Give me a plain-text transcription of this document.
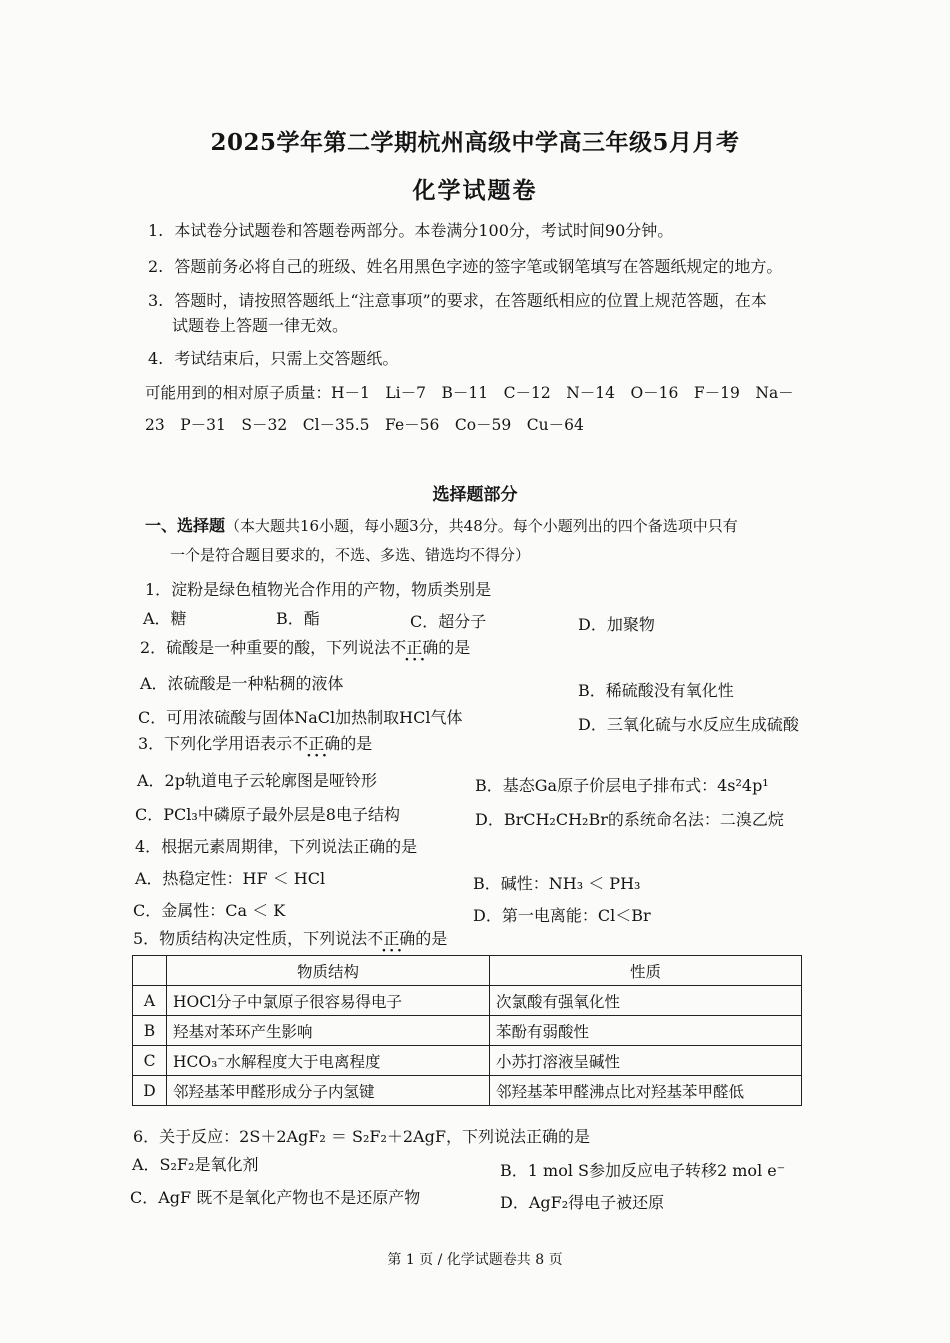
2025学年第二学期杭州高级中学高三年级5月月考
化学试题卷
1. 本试卷分试题卷和答题卷两部分。本卷满分100分，考试时间90分钟。
2. 答题前务必将自己的班级、姓名用黑色字迹的签字笔或钢笔填写在答题纸规定的地方。
3. 答题时，请按照答题纸上“注意事项”的要求，在答题纸相应的位置上规范答题，在本
试题卷上答题一律无效。
4. 考试结束后，只需上交答题纸。
可能用到的相对原子质量：H－1　Li－7　B－11　C－12　N－14　O－16　F－19　Na－
23　P－31　S－32　Cl－35.5　Fe－56　Co－59　Cu－64
选择题部分
一、选择题（本大题共16小题，每小题3分，共48分。每个小题列出的四个备选项中只有
一个是符合题目要求的，不选、多选、错选均不得分）
1．淀粉是绿色植物光合作用的产物，物质类别是
A．糖	B．酯	C．超分子	D．加聚物
2．硫酸是一种重要的酸，下列说法不正确 · · ·的是
A．浓硫酸是一种粘稠的液体	B．稀硫酸没有氧化性
C．可用浓硫酸与固体NaCl加热制取HCl气体	D．三氧化硫与水反应生成硫酸
3．下列化学用语表示不正确 · · ·的是
A．2p轨道电子云轮廓图是哑铃形	B．基态Ga原子价层电子排布式：4s²4p¹
C．PCl₃中磷原子最外层是8电子结构	D．BrCH₂CH₂Br的系统命名法：二溴乙烷
4．根据元素周期律，下列说法正确的是
A．热稳定性：HF ＜ HCl	B．碱性：NH₃ ＜ PH₃
C．金属性：Ca ＜ K	D．第一电离能：Cl＜Br
5．物质结构决定性质，下列说法不正确 · · ·的是
	物质结构	性质
A	HOCl分子中氯原子很容易得电子	次氯酸有强氧化性
B	羟基对苯环产生影响	苯酚有弱酸性
C	HCO₃⁻水解程度大于电离程度	小苏打溶液呈碱性
D	邻羟基苯甲醛形成分子内氢键	邻羟基苯甲醛沸点比对羟基苯甲醛低
6．关于反应：2S＋2AgF₂ ＝ S₂F₂＋2AgF，下列说法正确的是
A．S₂F₂是氧化剂	B．1 mol S参加反应电子转移2 mol e⁻
C．AgF 既不是氧化产物也不是还原产物	D．AgF₂得电子被还原
第 1 页 / 化学试题卷共 8 页
